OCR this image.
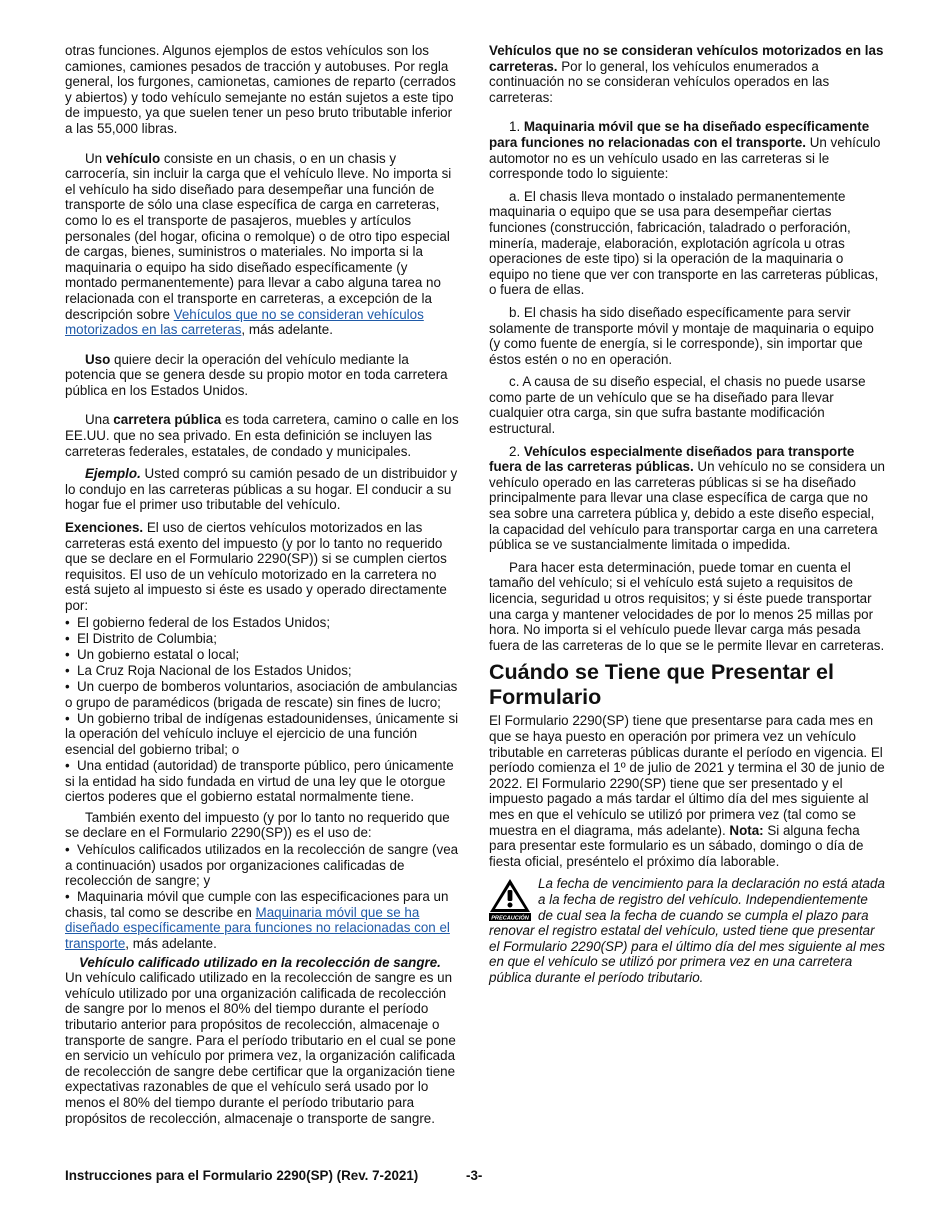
otras funciones. Algunos ejemplos de estos vehículos son los camiones, camiones pesados de tracción y autobuses. Por regla general, los furgones, camionetas, camiones de reparto (cerrados y abiertos) y todo vehículo semejante no están sujetos a este tipo de impuesto, ya que suelen tener un peso bruto tributable inferior a las 55,000 libras.

Un vehículo consiste en un chasis, o en un chasis y carrocería, sin incluir la carga que el vehículo lleve. No importa si el vehículo ha sido diseñado para desempeñar una función de transporte de sólo una clase específica de carga en carreteras, como lo es el transporte de pasajeros, muebles y artículos personales (del hogar, oficina o remolque) o de otro tipo especial de cargas, bienes, suministros o materiales. No importa si la maquinaria o equipo ha sido diseñado específicamente (y montado permanentemente) para llevar a cabo alguna tarea no relacionada con el transporte en carreteras, a excepción de la descripción sobre Vehículos que no se consideran vehículos motorizados en las carreteras, más adelante.

Uso quiere decir la operación del vehículo mediante la potencia que se genera desde su propio motor en toda carretera pública en los Estados Unidos.

Una carretera pública es toda carretera, camino o calle en los EE.UU. que no sea privado. En esta definición se incluyen las carreteras federales, estatales, de condado y municipales.

Ejemplo. Usted compró su camión pesado de un distribuidor y lo condujo en las carreteras públicas a su hogar. El conducir a su hogar fue el primer uso tributable del vehículo.

Exenciones. El uso de ciertos vehículos motorizados en las carreteras está exento del impuesto (y por lo tanto no requerido que se declare en el Formulario 2290(SP)) si se cumplen ciertos requisitos. El uso de un vehículo motorizado en la carretera no está sujeto al impuesto si éste es usado y operado directamente por:

• El gobierno federal de los Estados Unidos;
• El Distrito de Columbia;
• Un gobierno estatal o local;
• La Cruz Roja Nacional de los Estados Unidos;
• Un cuerpo de bomberos voluntarios, asociación de ambulancias o grupo de paramédicos (brigada de rescate) sin fines de lucro;
• Un gobierno tribal de indígenas estadounidenses, únicamente si la operación del vehículo incluye el ejercicio de una función esencial del gobierno tribal; o
• Una entidad (autoridad) de transporte público, pero únicamente si la entidad ha sido fundada en virtud de una ley que le otorgue ciertos poderes que el gobierno estatal normalmente tiene.

También exento del impuesto (y por lo tanto no requerido que se declare en el Formulario 2290(SP)) es el uso de:

• Vehículos calificados utilizados en la recolección de sangre (vea a continuación) usados por organizaciones calificadas de recolección de sangre; y
• Maquinaria móvil que cumple con las especificaciones para un chasis, tal como se describe en Maquinaria móvil que se ha diseñado específicamente para funciones no relacionadas con el transporte, más adelante.

Vehículo calificado utilizado en la recolección de sangre. Un vehículo calificado utilizado en la recolección de sangre es un vehículo utilizado por una organización calificada de recolección de sangre por lo menos el 80% del tiempo durante el período tributario anterior para propósitos de recolección, almacenaje o transporte de sangre. Para el período tributario en el cual se pone en servicio un vehículo por primera vez, la organización calificada de recolección de sangre debe certificar que la organización tiene expectativas razonables de que el vehículo será usado por lo menos el 80% del tiempo durante el período tributario para propósitos de recolección, almacenaje o transporte de sangre.

Vehículos que no se consideran vehículos motorizados en las carreteras. Por lo general, los vehículos enumerados a continuación no se consideran vehículos operados en las carreteras:

1. Maquinaria móvil que se ha diseñado específicamente para funciones no relacionadas con el transporte. Un vehículo automotor no es un vehículo usado en las carreteras si le corresponde todo lo siguiente:

a. El chasis lleva montado o instalado permanentemente maquinaria o equipo que se usa para desempeñar ciertas funciones (construcción, fabricación, taladrado o perforación, minería, maderaje, elaboración, explotación agrícola u otras operaciones de este tipo) si la operación de la maquinaria o equipo no tiene que ver con transporte en las carreteras públicas, o fuera de ellas.

b. El chasis ha sido diseñado específicamente para servir solamente de transporte móvil y montaje de maquinaria o equipo (y como fuente de energía, si le corresponde), sin importar que éstos estén o no en operación.

c. A causa de su diseño especial, el chasis no puede usarse como parte de un vehículo que se ha diseñado para llevar cualquier otra carga, sin que sufra bastante modificación estructural.

2. Vehículos especialmente diseñados para transporte fuera de las carreteras públicas. Un vehículo no se considera un vehículo operado en las carreteras públicas si se ha diseñado principalmente para llevar una clase específica de carga que no sea sobre una carretera pública y, debido a este diseño especial, la capacidad del vehículo para transportar carga en una carretera pública se ve sustancialmente limitada o impedida.

Para hacer esta determinación, puede tomar en cuenta el tamaño del vehículo; si el vehículo está sujeto a requisitos de licencia, seguridad u otros requisitos; y si éste puede transportar una carga y mantener velocidades de por lo menos 25 millas por hora. No importa si el vehículo puede llevar carga más pesada fuera de las carreteras de lo que se le permite llevar en carreteras.

Cuándo se Tiene que Presentar el Formulario

El Formulario 2290(SP) tiene que presentarse para cada mes en que se haya puesto en operación por primera vez un vehículo tributable en carreteras públicas durante el período en vigencia. El período comienza el 1º de julio de 2021 y termina el 30 de junio de 2022. El Formulario 2290(SP) tiene que ser presentado y el impuesto pagado a más tardar el último día del mes siguiente al mes en que el vehículo se utilizó por primera vez (tal como se muestra en el diagrama, más adelante). Nota: Si alguna fecha para presentar este formulario es un sábado, domingo o día de fiesta oficial, preséntelo el próximo día laborable.

PRECAUCIÓN
La fecha de vencimiento para la declaración no está atada a la fecha de registro del vehículo. Independientemente de cual sea la fecha de cuando se cumpla el plazo para renovar el registro estatal del vehículo, usted tiene que presentar el Formulario 2290(SP) para el último día del mes siguiente al mes en que el vehículo se utilizó por primera vez en una carretera pública durante el período tributario.
Instrucciones para el Formulario 2290(SP) (Rev. 7-2021)	-3-
